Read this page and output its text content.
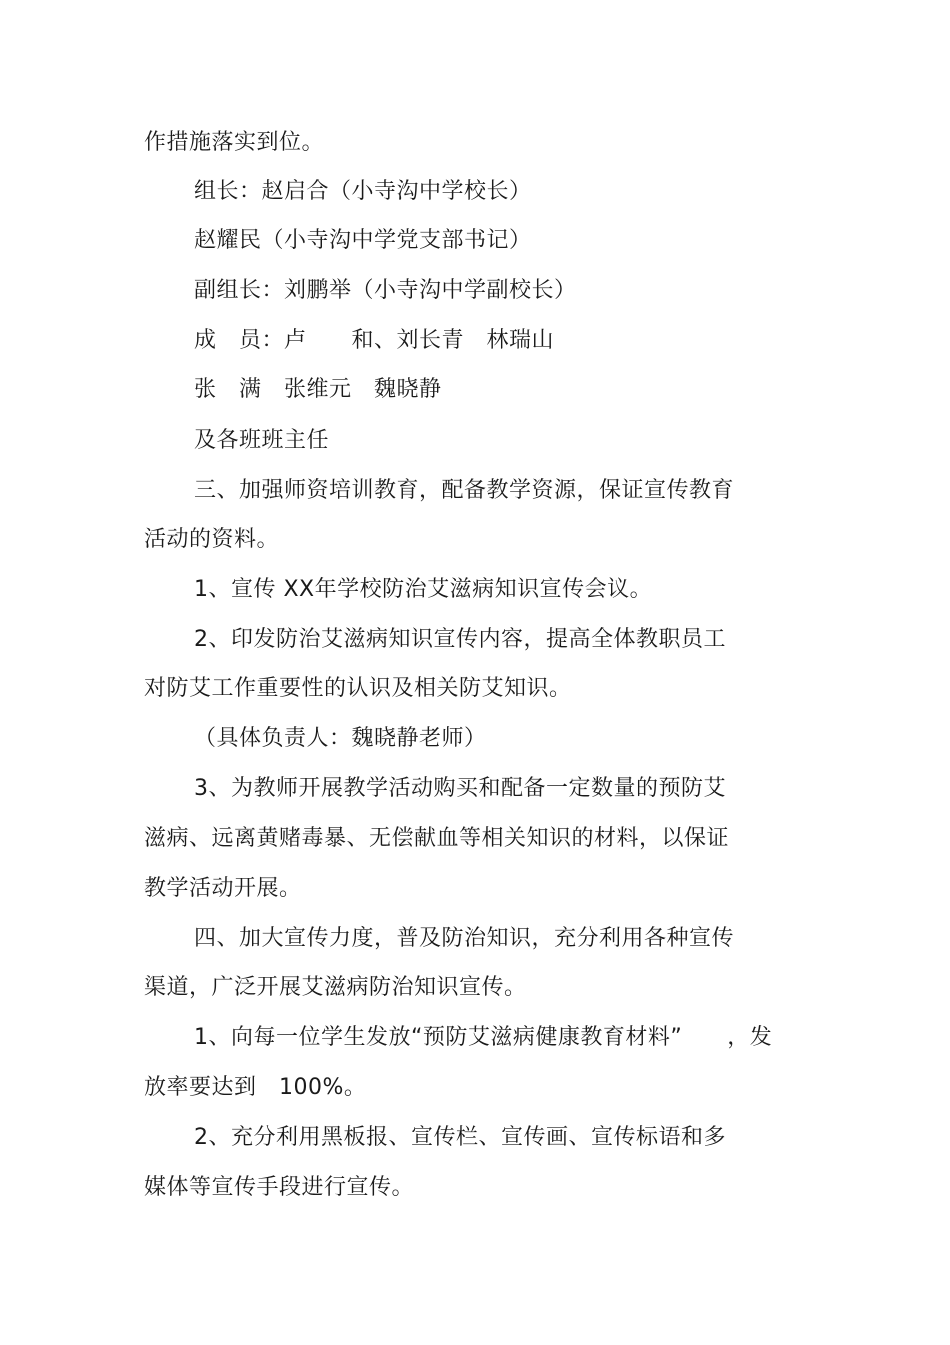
作措施落实到位。
组长：赵启合（小寺沟中学校长）
赵耀民（小寺沟中学党支部书记）
副组长：刘鹏举（小寺沟中学副校长）
成　员：卢　　和、刘长青　林瑞山
张　满　张维元　魏晓静
及各班班主任
三、加强师资培训教育，配备教学资源，保证宣传教育
活动的资料。
1、宣传 XX年学校防治艾滋病知识宣传会议。
2、印发防治艾滋病知识宣传内容，提高全体教职员工
对防艾工作重要性的认识及相关防艾知识。
（具体负责人：魏晓静老师）
3、为教师开展教学活动购买和配备一定数量的预防艾
滋病、远离黄赌毒暴、无偿献血等相关知识的材料，以保证
教学活动开展。
四、加大宣传力度，普及防治知识，充分利用各种宣传
渠道，广泛开展艾滋病防治知识宣传。
1、向每一位学生发放“预防艾滋病健康教育材料”　　，发
放率要达到　100%。
2、充分利用黑板报、宣传栏、宣传画、宣传标语和多
媒体等宣传手段进行宣传。
